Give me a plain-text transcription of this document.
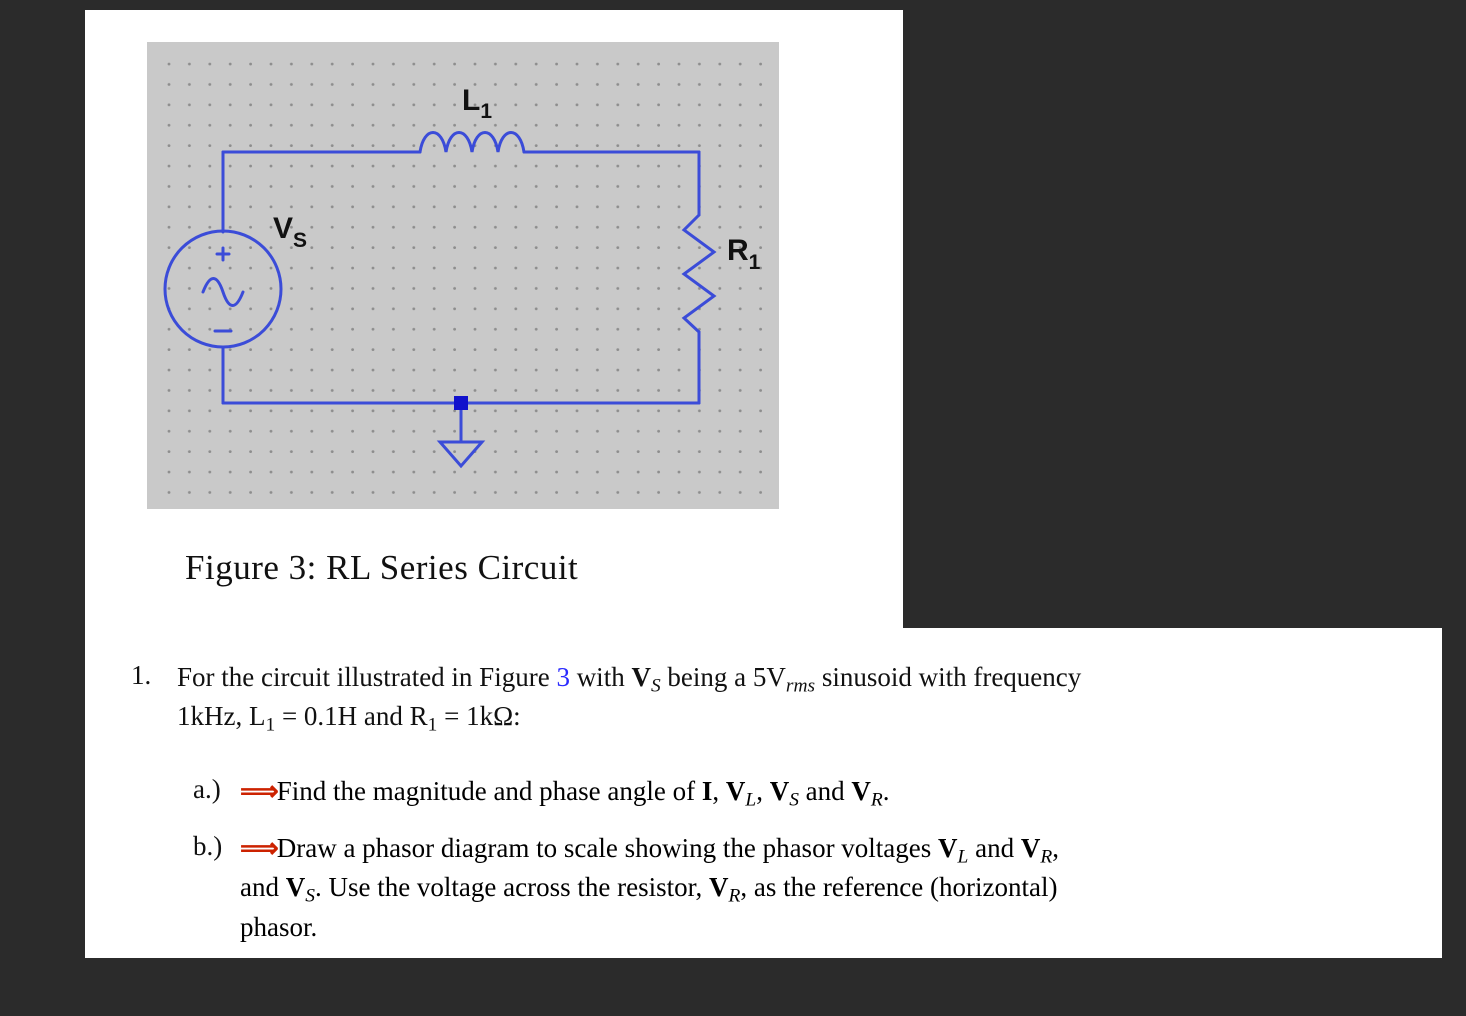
$L_1$
$V_S$	$R_1$
Figure 3: RL Series Circuit
1. For the circuit illustrated in Figure 3 with $V_S$ being a $5V_{rms}$ sinusoid with frequency
1kHz, $L_1 = 0.1H$ and $R_1 = 1k\Omega$:
a.) ⟹Find the magnitude and phase angle of I, $V_L$, $V_S$ and $V_R$.
b.) ⟹Draw a phasor diagram to scale showing the phasor voltages $V_L$ and $V_R$,
and $V_S$. Use the voltage across the resistor, $V_R$, as the reference (horizontal)
phasor.
